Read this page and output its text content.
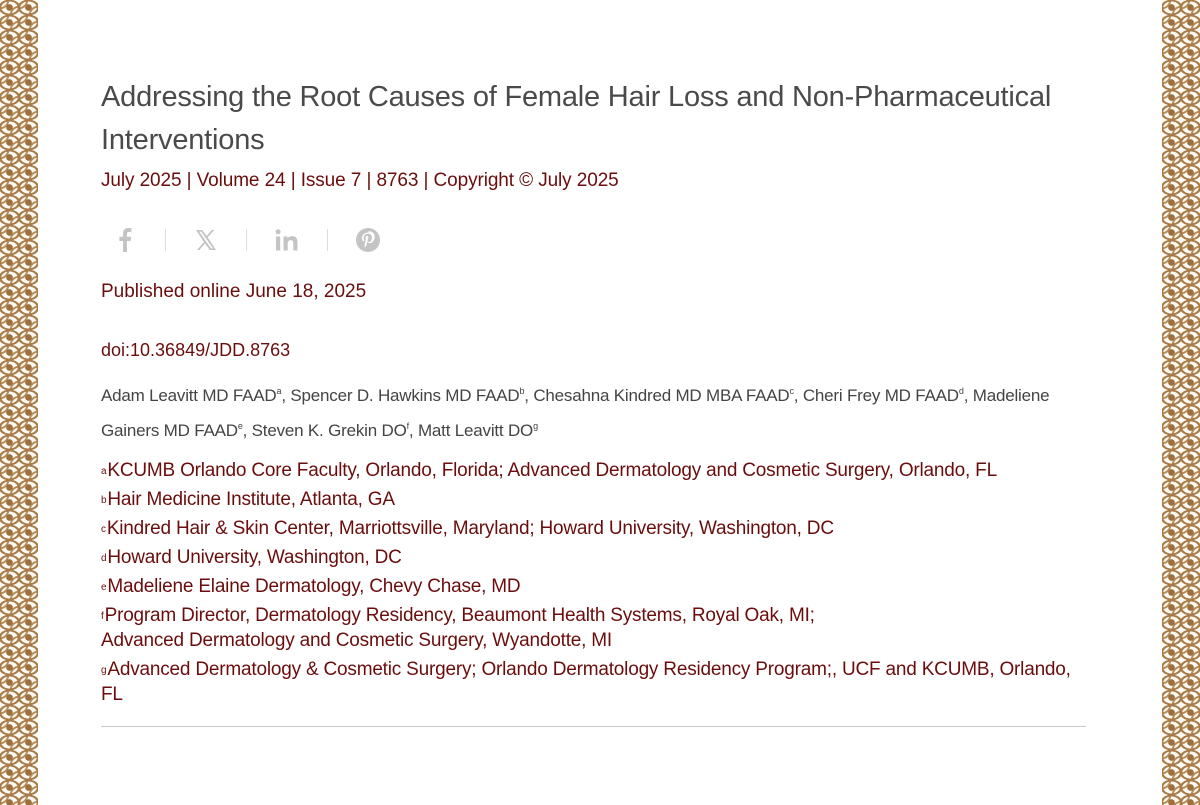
Addressing the Root Causes of Female Hair Loss and Non-Pharmaceutical Interventions
July 2025 | Volume 24 | Issue 7 | 8763 | Copyright © July 2025
Published online June 18, 2025
doi:10.36849/JDD.8763
Adam Leavitt MD FAAD$^a$, Spencer D. Hawkins MD FAAD$^b$, Chesahna Kindred MD MBA FAAD$^c$, Cheri Frey MD FAAD$^d$, Madeliene Gainers MD FAAD$^e$, Steven K. Grekin $DO^f$, Matt Leavitt $DO^g$
$^a$KCUMB Orlando Core Faculty, Orlando, Florida; Advanced Dermatology and Cosmetic Surgery, Orlando, FL
$^b$Hair Medicine Institute, Atlanta, GA
$^c$Kindred Hair & Skin Center, Marriottsville, Maryland; Howard University, Washington, DC
$^d$Howard University, Washington, DC
$^e$Madeliene Elaine Dermatology, Chevy Chase, MD
$^f$Program Director, Dermatology Residency, Beaumont Health Systems, Royal Oak, MI;
Advanced Dermatology and Cosmetic Surgery, Wyandotte, MI
$^g$Advanced Dermatology & Cosmetic Surgery; Orlando Dermatology Residency Program;, UCF and KCUMB, Orlando, FL
